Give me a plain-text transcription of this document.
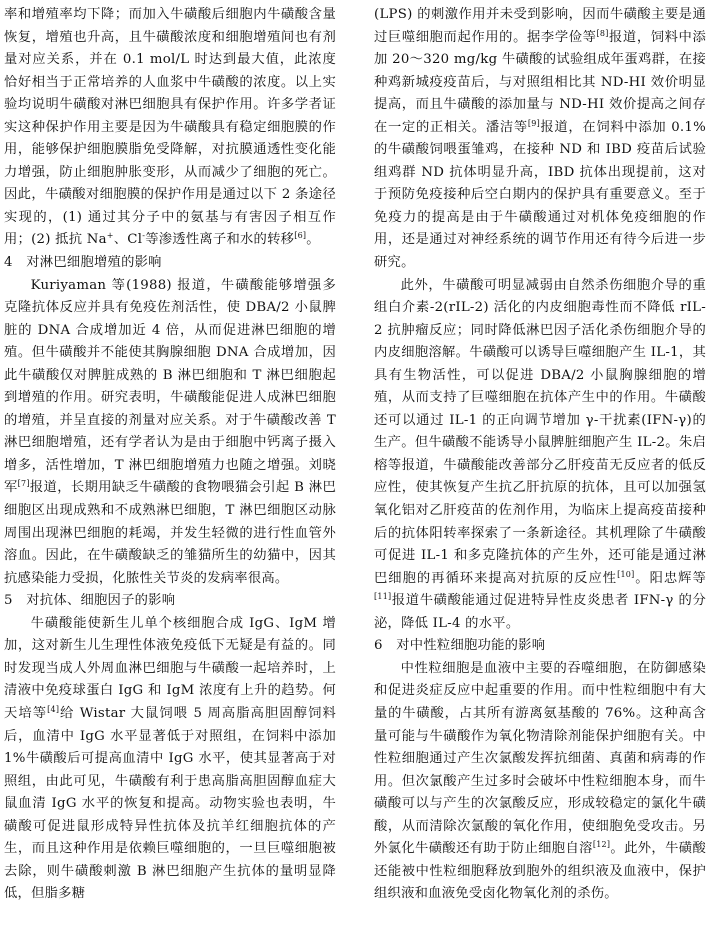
率和增殖率均下降；而加入牛磺酸后细胞内牛磺酸含量恢复，增殖也升高，且牛磺酸浓度和细胞增殖间也有剂量对应关系，并在 0.1 mol/L 时达到最大值，此浓度恰好相当于正常培养的人血浆中牛磺酸的浓度。以上实验均说明牛磺酸对淋巴细胞具有保护作用。许多学者证实这种保护作用主要是因为牛磺酸具有稳定细胞膜的作用，能够保护细胞膜脂免受降解，对抗膜通透性变化能力增强，防止细胞肿胀变形，从而减少了细胞的死亡。因此，牛磺酸对细胞膜的保护作用是通过以下 2 条途径实现的，(1) 通过其分子中的氨基与有害因子相互作用；(2) 抵抗 Na+、Cl-等渗透性离子和水的转移[6]。

4　对淋巴细胞增殖的影响

Kuriyaman 等(1988) 报道，牛磺酸能够增强多克隆抗体反应并具有免疫佐剂活性，使 DBA/2 小鼠脾脏的 DNA 合成增加近 4 倍，从而促进淋巴细胞的增殖。但牛磺酸并不能使其胸腺细胞 DNA 合成增加，因此牛磺酸仅对脾脏成熟的 B 淋巴细胞和 T 淋巴细胞起到增殖的作用。研究表明，牛磺酸能促进人成淋巴细胞的增殖，并呈直接的剂量对应关系。对于牛磺酸改善 T 淋巴细胞增殖，还有学者认为是由于细胞中钙离子摄入增多，活性增加，T 淋巴细胞增殖力也随之增强。刘晓军[7]报道，长期用缺乏牛磺酸的食物喂猫会引起 B 淋巴细胞区出现成熟和不成熟淋巴细胞，T 淋巴细胞区动脉周围出现淋巴细胞的耗竭，并发生轻微的进行性血管外溶血。因此，在牛磺酸缺乏的雏猫所生的幼猫中，因其抗感染能力受损，化脓性关节炎的发病率很高。

5　对抗体、细胞因子的影响

牛磺酸能使新生儿单个核细胞合成 IgG、IgM 增加，这对新生儿生理性体液免疫低下无疑是有益的。同时发现当成人外周血淋巴细胞与牛磺酸一起培养时，上清液中免疫球蛋白 IgG 和 IgM 浓度有上升的趋势。何天培等[4]给 Wistar 大鼠饲喂 5 周高脂高胆固醇饲料后，血清中 IgG 水平显著低于对照组，在饲料中添加 1%牛磺酸后可提高血清中 IgG 水平，使其显著高于对照组，由此可见，牛磺酸有利于患高脂高胆固醇血症大鼠血清 IgG 水平的恢复和提高。动物实验也表明，牛磺酸可促进鼠形成特异性抗体及抗羊红细胞抗体的产生，而且这种作用是依赖巨噬细胞的，一旦巨噬细胞被去除，则牛磺酸刺激 B 淋巴细胞产生抗体的量明显降低，但脂多糖

(LPS) 的刺激作用并未受到影响，因而牛磺酸主要是通过巨噬细胞而起作用的。据李学俭等[8]报道，饲料中添加 20～320 mg/kg 牛磺酸的试验组成年蛋鸡群，在接种鸡新城疫疫苗后，与对照组相比其 ND-HI 效价明显提高，而且牛磺酸的添加量与 ND-HI 效价提高之间存在一定的正相关。潘洁等[9]报道，在饲料中添加 0.1%的牛磺酸饲喂蛋雏鸡，在接种 ND 和 IBD 疫苗后试验组鸡群 ND 抗体明显升高，IBD 抗体出现提前，这对于预防免疫接种后空白期内的保护具有重要意义。至于免疫力的提高是由于牛磺酸通过对机体免疫细胞的作用，还是通过对神经系统的调节作用还有待今后进一步研究。

此外，牛磺酸可明显减弱由自然杀伤细胞介导的重组白介素-2(rIL-2) 活化的内皮细胞毒性而不降低 rIL-2 抗肿瘤反应；同时降低淋巴因子活化杀伤细胞介导的内皮细胞溶解。牛磺酸可以诱导巨噬细胞产生 IL-1，其具有生物活性，可以促进 DBA/2 小鼠胸腺细胞的增殖，从而支持了巨噬细胞在抗体产生中的作用。牛磺酸还可以通过 IL-1 的正向调节增加 γ-干扰素(IFN-γ)的生产。但牛磺酸不能诱导小鼠脾脏细胞产生 IL-2。朱启榕等报道，牛磺酸能改善部分乙肝疫苗无反应者的低反应性，使其恢复产生抗乙肝抗原的抗体，且可以加强氢氧化铝对乙肝疫苗的佐剂作用，为临床上提高疫苗接种后的抗体阳转率探索了一条新途径。其机理除了牛磺酸可促进 IL-1 和多克隆抗体的产生外，还可能是通过淋巴细胞的再循环来提高对抗原的反应性[10]。阳忠辉等[11]报道牛磺酸能通过促进特异性皮炎患者 IFN-γ 的分泌，降低 IL-4 的水平。

6　对中性粒细胞功能的影响

中性粒细胞是血液中主要的吞噬细胞，在防御感染和促进炎症反应中起重要的作用。而中性粒细胞中有大量的牛磺酸，占其所有游离氨基酸的 76%。这种高含量可能与牛磺酸作为氧化物清除剂能保护细胞有关。中性粒细胞通过产生次氯酸发挥抗细菌、真菌和病毒的作用。但次氯酸产生过多时会破坏中性粒细胞本身，而牛磺酸可以与产生的次氯酸反应，形成较稳定的氯化牛磺酸，从而清除次氯酸的氧化作用，使细胞免受攻击。另外氯化牛磺酸还有助于防止细胞自溶[12]。此外，牛磺酸还能被中性粒细胞释放到胞外的组织液及血液中，保护组织液和血液免受卤化物氧化剂的杀伤。
